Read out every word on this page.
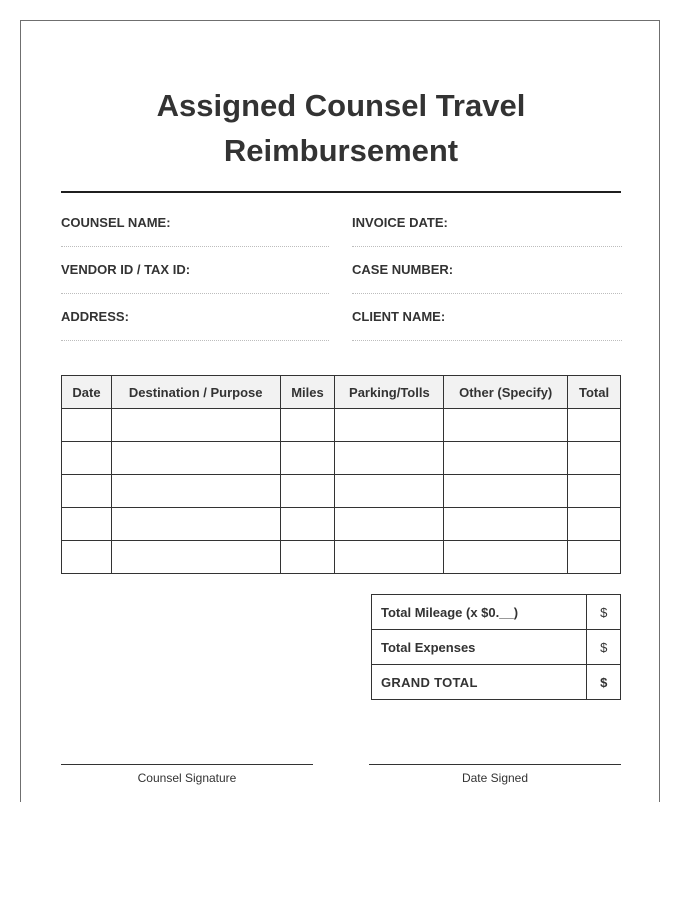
Assigned Counsel Travel
Reimbursement
COUNSEL NAME:	INVOICE DATE:
VENDOR ID / TAX ID:	CASE NUMBER:
ADDRESS:	CLIENT NAME:
Date	Destination / Purpose	Miles	Parking/Tolls	Other (Specify)	Total

Total Mileage (x $0.__)	$
Total Expenses	$
GRAND TOTAL	$
Counsel Signature	Date Signed
